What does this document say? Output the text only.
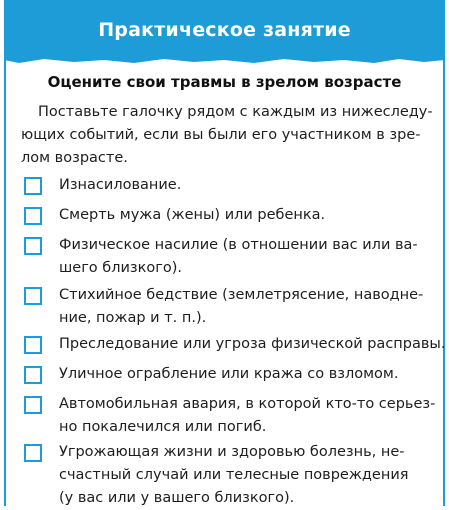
Практическое занятие
Оцените свои травмы в зрелом возрасте
Поставьте галочку рядом с каждым из нижеследу-
ющих событий, если вы были его участником в зре-
лом возрасте.
Изнасилование.
Смерть мужа (жены) или ребенка.
Физическое насилие (в отношении вас или ва-
шего близкого).
Стихийное бедствие (землетрясение, наводне-
ние, пожар и т. п.).
Преследование или угроза физической расправы.
Уличное ограбление или кража со взломом.
Автомобильная авария, в которой кто-то серьез-
но покалечился или погиб.
Угрожающая жизни и здоровью болезнь, не-
счастный случай или телесные повреждения
(у вас или у вашего близкого).
